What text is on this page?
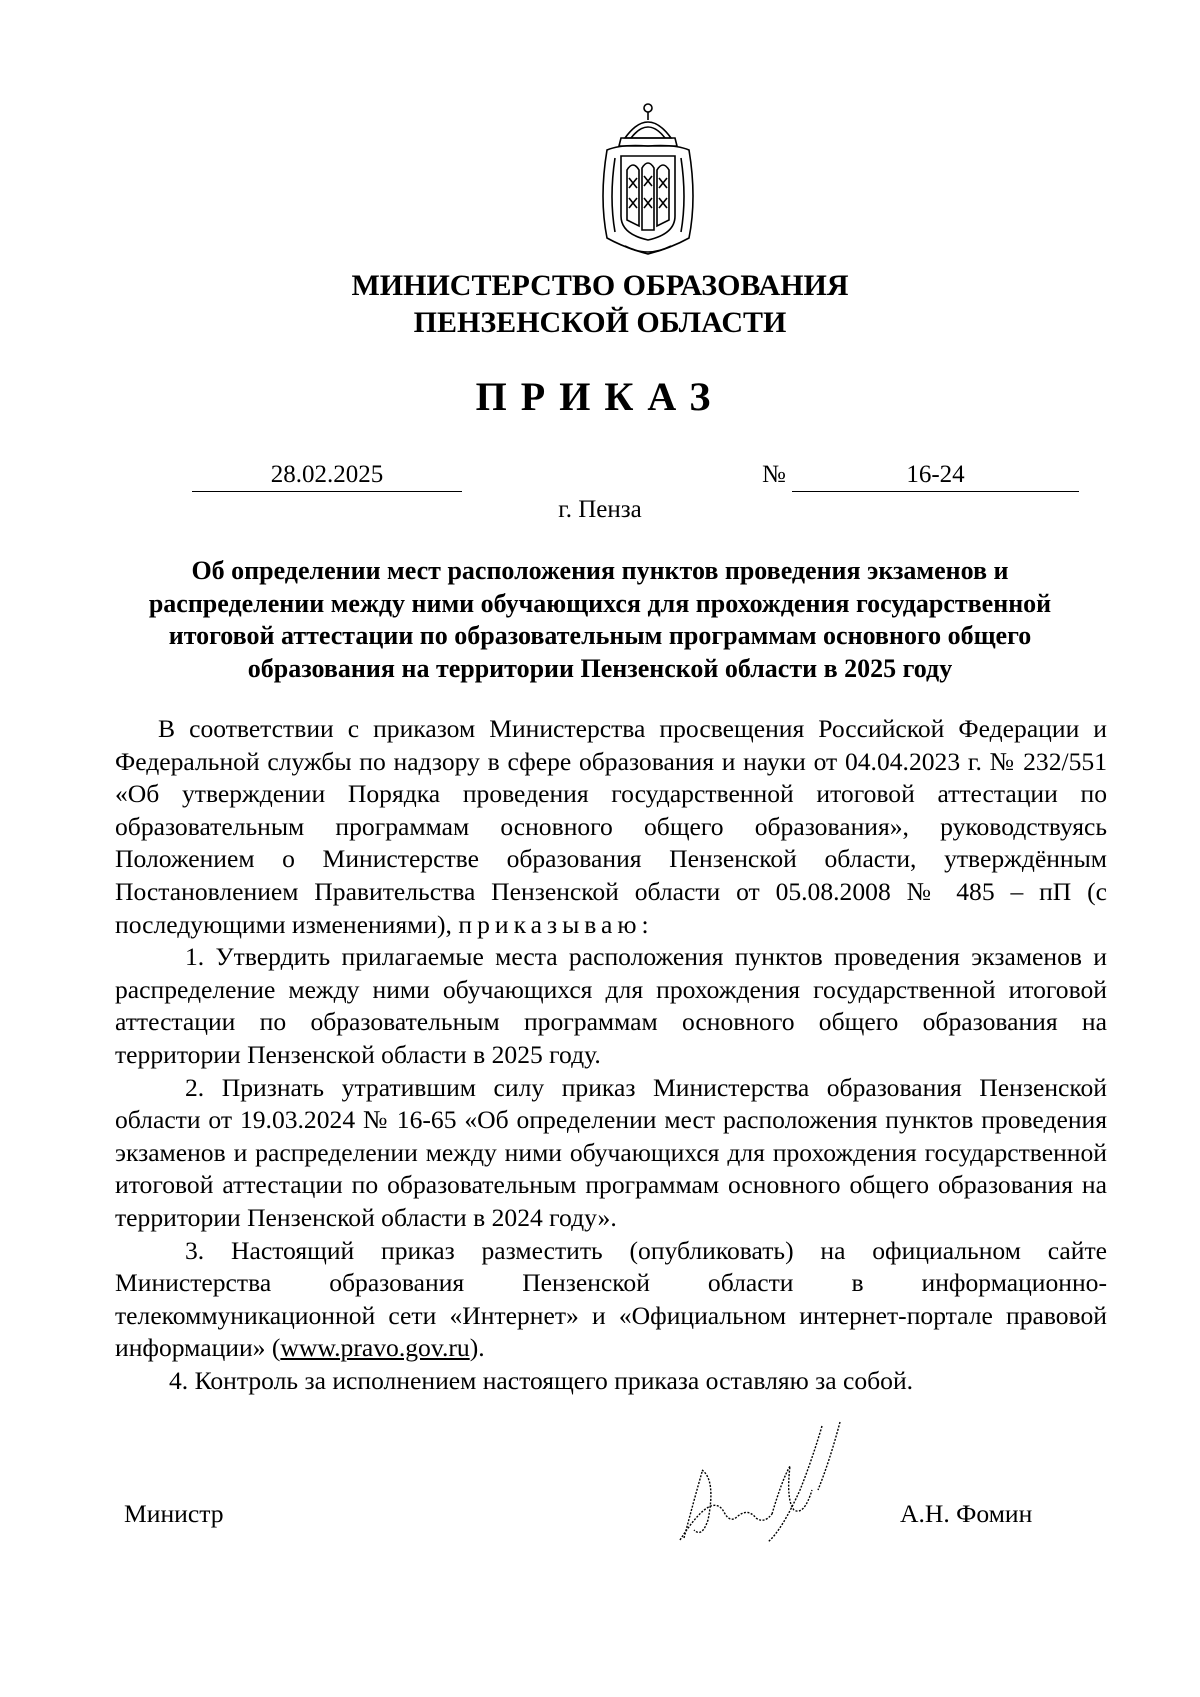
МИНИСТЕРСТВО ОБРАЗОВАНИЯ
ПЕНЗЕНСКОЙ ОБЛАСТИ
ПРИКАЗ
28.02.2025	№	16-24
г. Пенза
Об определении мест расположения пунктов проведения экзаменов и распределении между ними обучающихся для прохождения государственной итоговой аттестации по образовательным программам основного общего образования на территории Пензенской области в 2025 году

В соответствии с приказом Министерства просвещения Российской Федерации и Федеральной службы по надзору в сфере образования и науки от 04.04.2023 г. № 232/551 «Об утверждении Порядка проведения государственной итоговой аттестации по образовательным программам основного общего образования», руководствуясь Положением о Министерстве образования Пензенской области, утверждённым Постановлением Правительства Пензенской области от 05.08.2008 № 485 – пП (с последующими изменениями), приказываю:

1. Утвердить прилагаемые места расположения пунктов проведения экзаменов и распределение между ними обучающихся для прохождения государственной итоговой аттестации по образовательным программам основного общего образования на территории Пензенской области в 2025 году.

2. Признать утратившим силу приказ Министерства образования Пензенской области от 19.03.2024 № 16-65 «Об определении мест расположения пунктов проведения экзаменов и распределении между ними обучающихся для прохождения государственной итоговой аттестации по образовательным программам основного общего образования на территории Пензенской области в 2024 году».

3. Настоящий приказ разместить (опубликовать) на официальном сайте Министерства образования Пензенской области в информационно-телекоммуникационной сети «Интернет» и «Официальном интернет-портале правовой информации» (www.pravo.gov.ru).

4. Контроль за исполнением настоящего приказа оставляю за собой.

Министр	А.Н. Фомин
